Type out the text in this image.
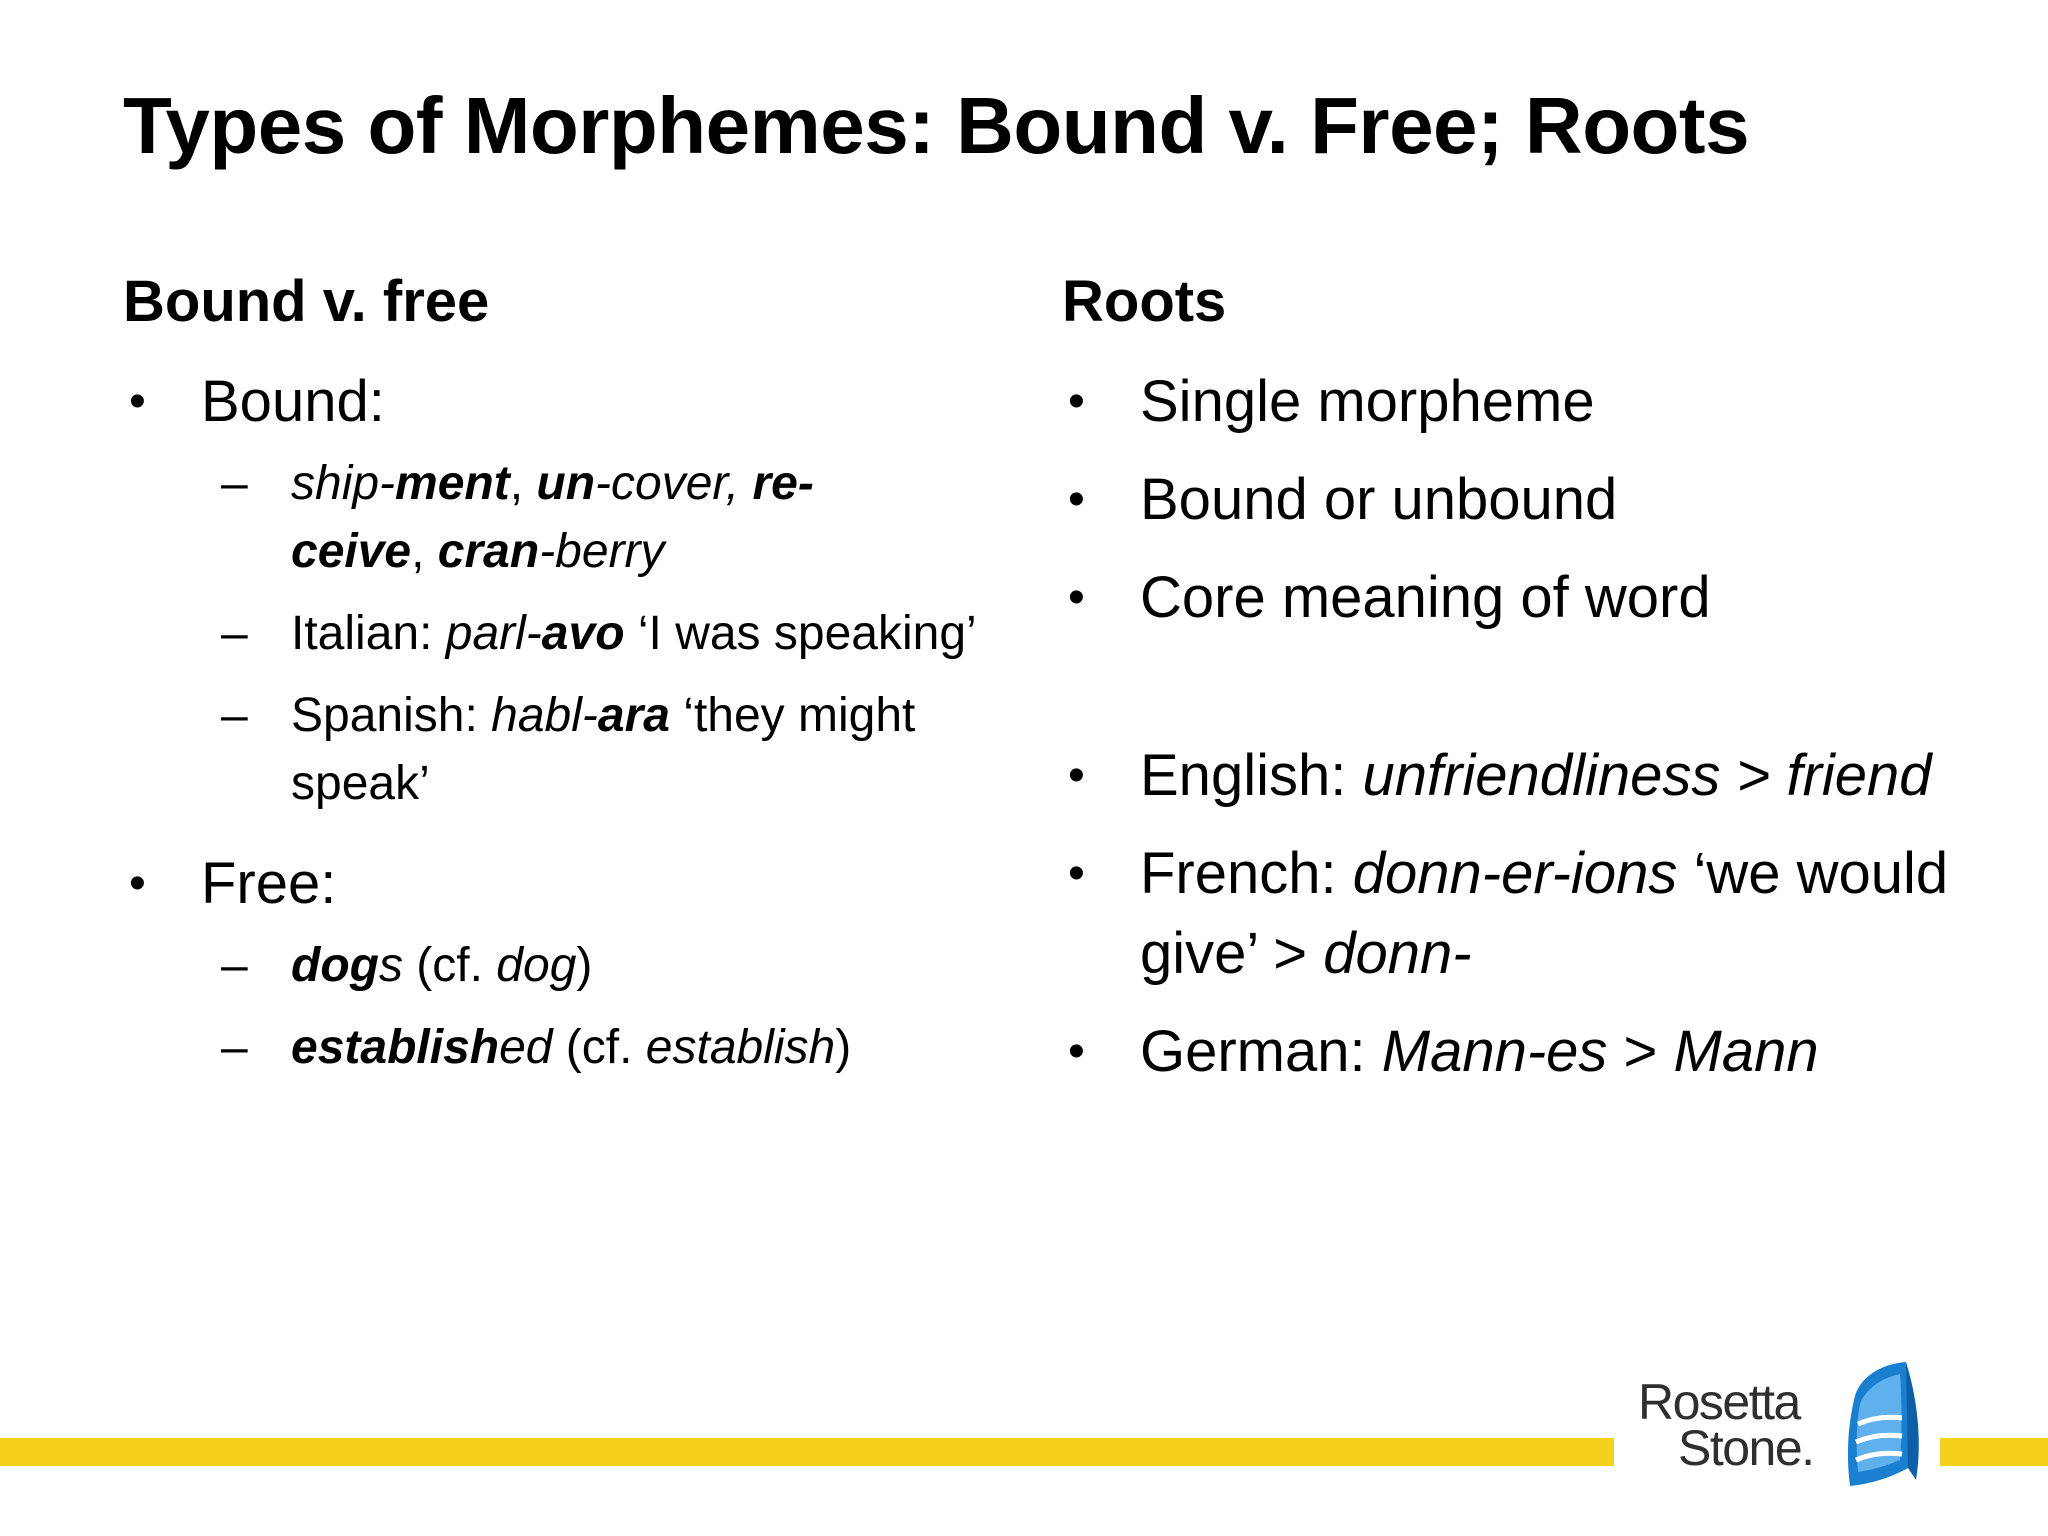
Types of Morphemes: Bound v. Free; Roots
Bound v. free
• Bound:
– ship-ment, un-cover, re-
ceive, cran-berry
– Italian: parl-avo ‘I was speaking’
– Spanish: habl-ara ‘they might speak’
• Free:
– dogs (cf. dog)
– established (cf. establish)
Roots
• Single morpheme
• Bound or unbound
• Core meaning of word
• English: unfriendliness > friend
• French: donn-er-ions ‘we would give’ > donn-
• German: Mann-es > Mann
Rosetta
Stone.
